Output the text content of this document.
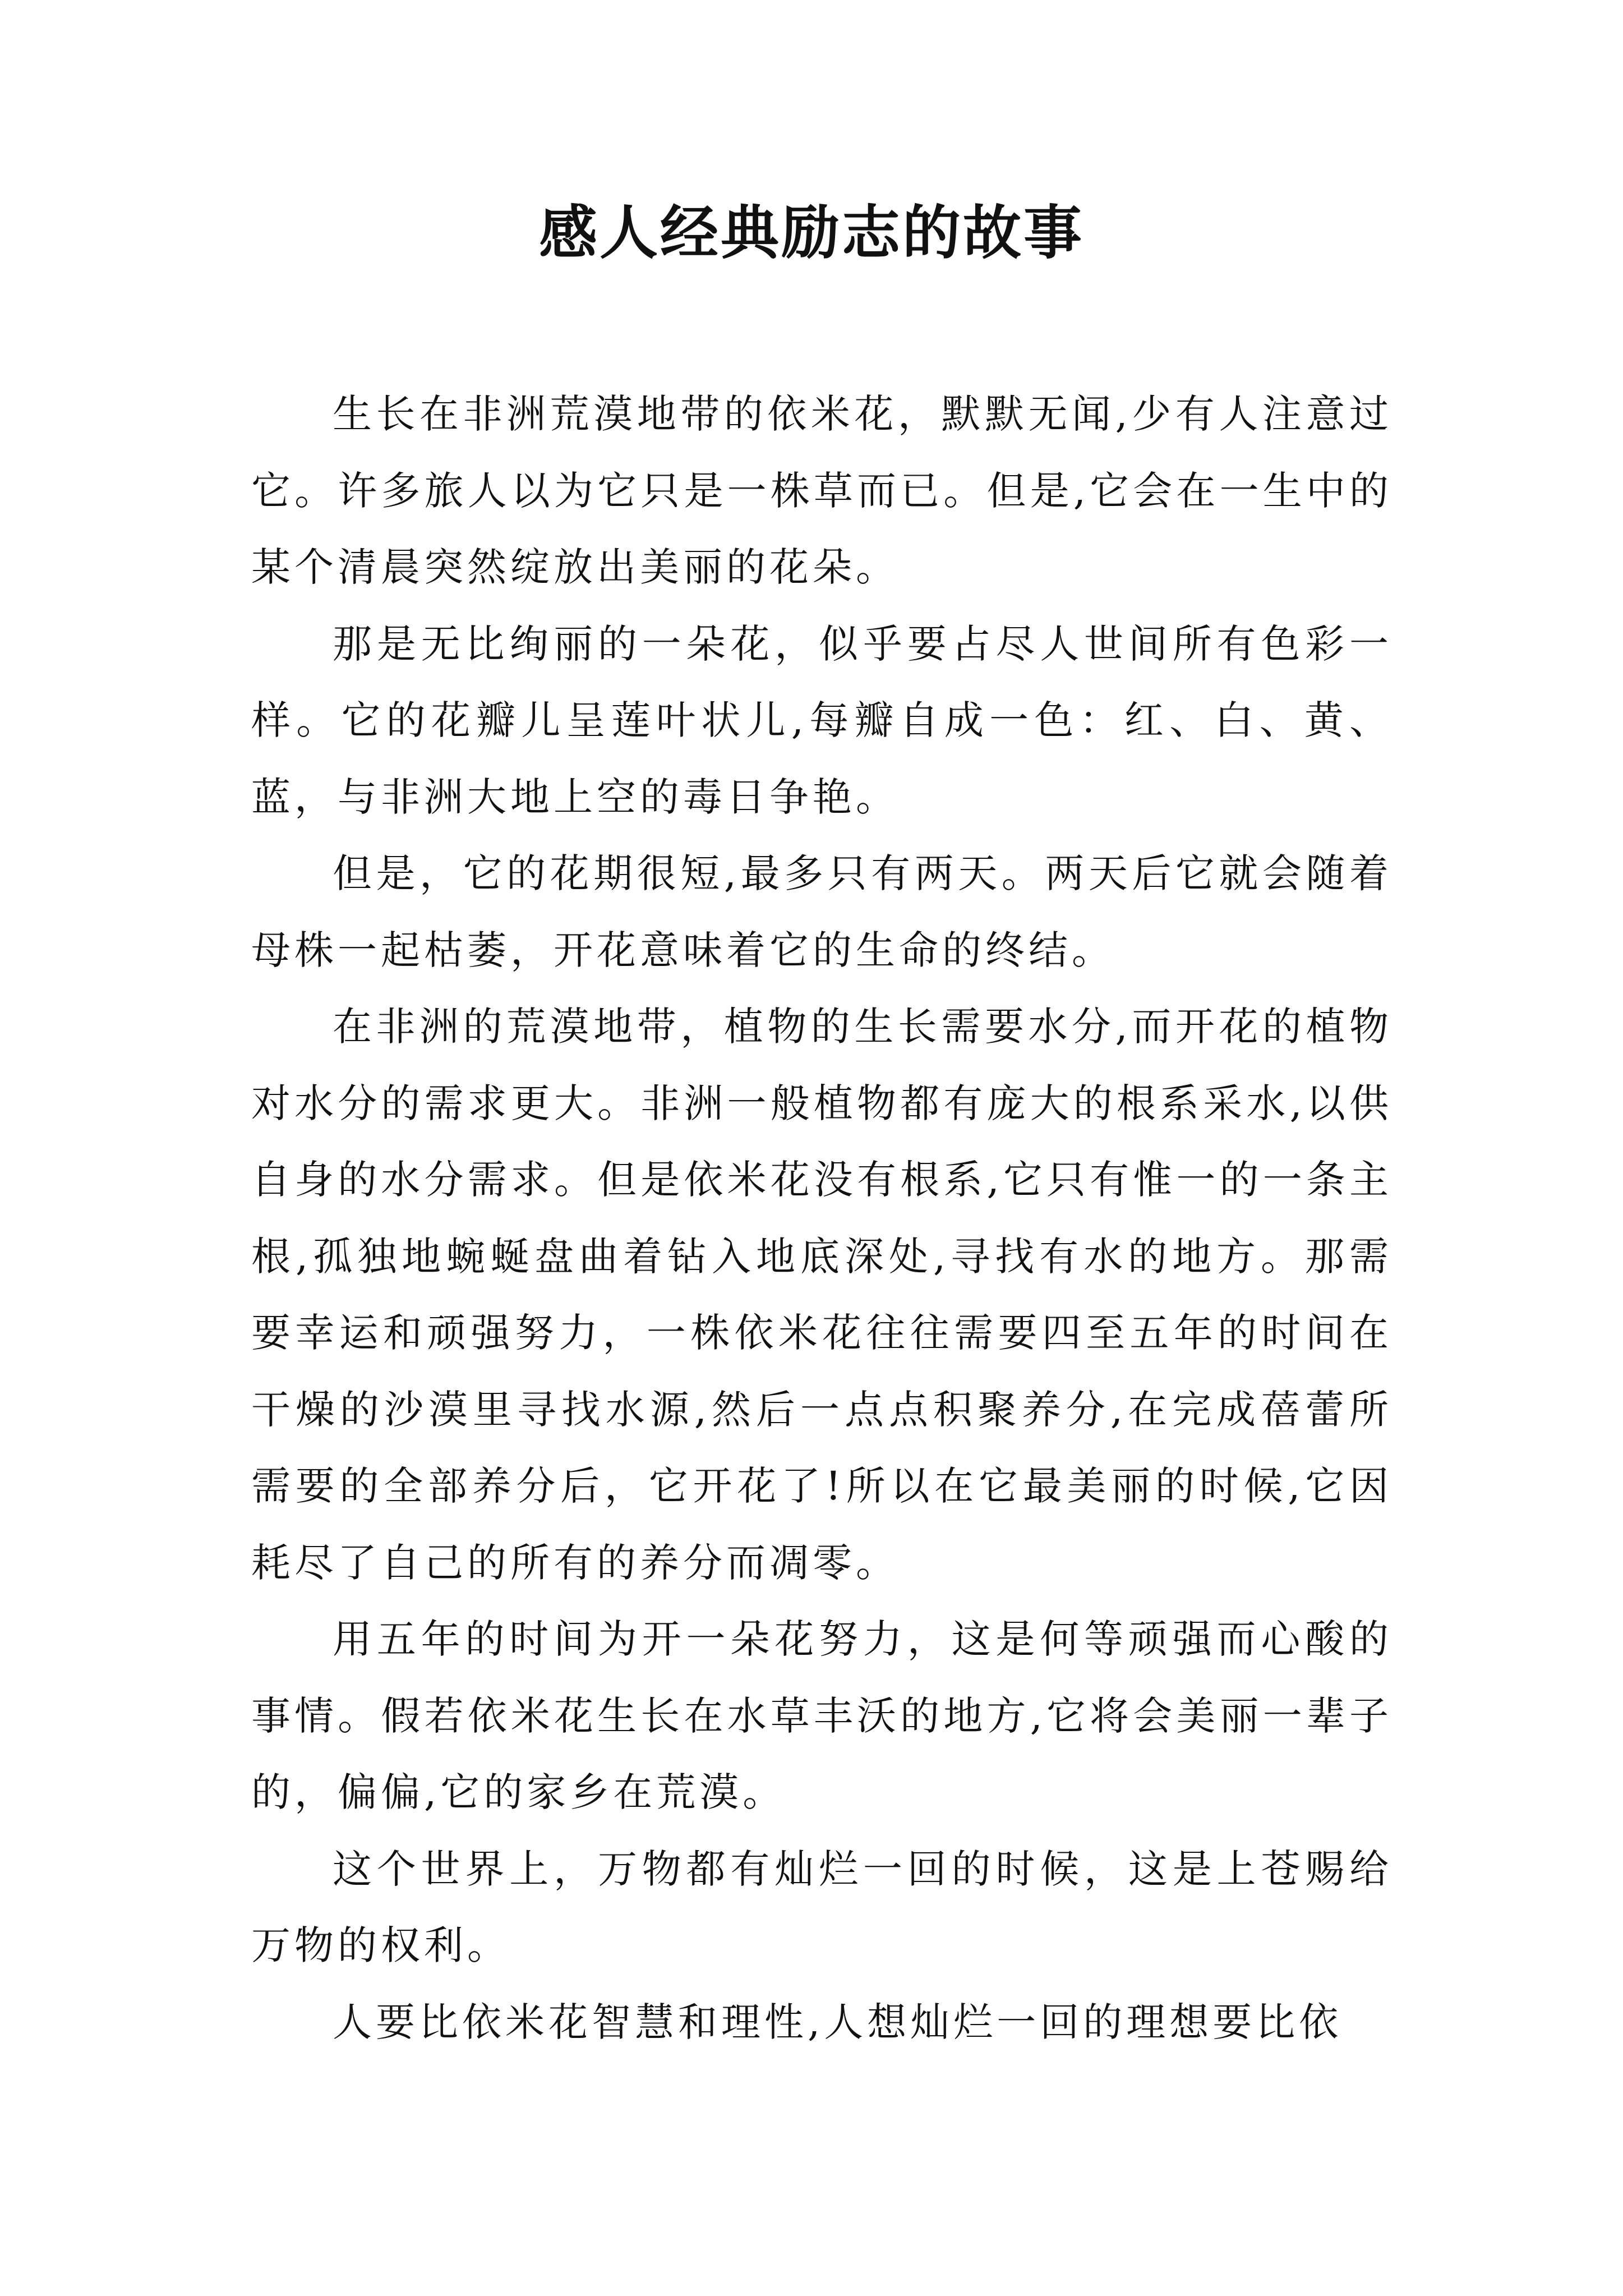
感人经典励志的故事

生长在非洲荒漠地带的依米花，默默无闻,少有人注意过它。许多旅人以为它只是一株草而已。但是,它会在一生中的某个清晨突然绽放出美丽的花朵。

那是无比绚丽的一朵花，似乎要占尽人世间所有色彩一样。它的花瓣儿呈莲叶状儿,每瓣自成一色：红、白、黄、蓝，与非洲大地上空的毒日争艳。

但是，它的花期很短,最多只有两天。两天后它就会随着母株一起枯萎，开花意味着它的生命的终结。

在非洲的荒漠地带，植物的生长需要水分,而开花的植物对水分的需求更大。非洲一般植物都有庞大的根系采水,以供自身的水分需求。但是依米花没有根系,它只有惟一的一条主根,孤独地蜿蜒盘曲着钻入地底深处,寻找有水的地方。那需要幸运和顽强努力，一株依米花往往需要四至五年的时间在干燥的沙漠里寻找水源,然后一点点积聚养分,在完成蓓蕾所需要的全部养分后，它开花了!所以在它最美丽的时候,它因耗尽了自己的所有的养分而凋零。

用五年的时间为开一朵花努力，这是何等顽强而心酸的事情。假若依米花生长在水草丰沃的地方,它将会美丽一辈子的，偏偏,它的家乡在荒漠。

这个世界上，万物都有灿烂一回的时候，这是上苍赐给万物的权利。

人要比依米花智慧和理性,人想灿烂一回的理想要比依
